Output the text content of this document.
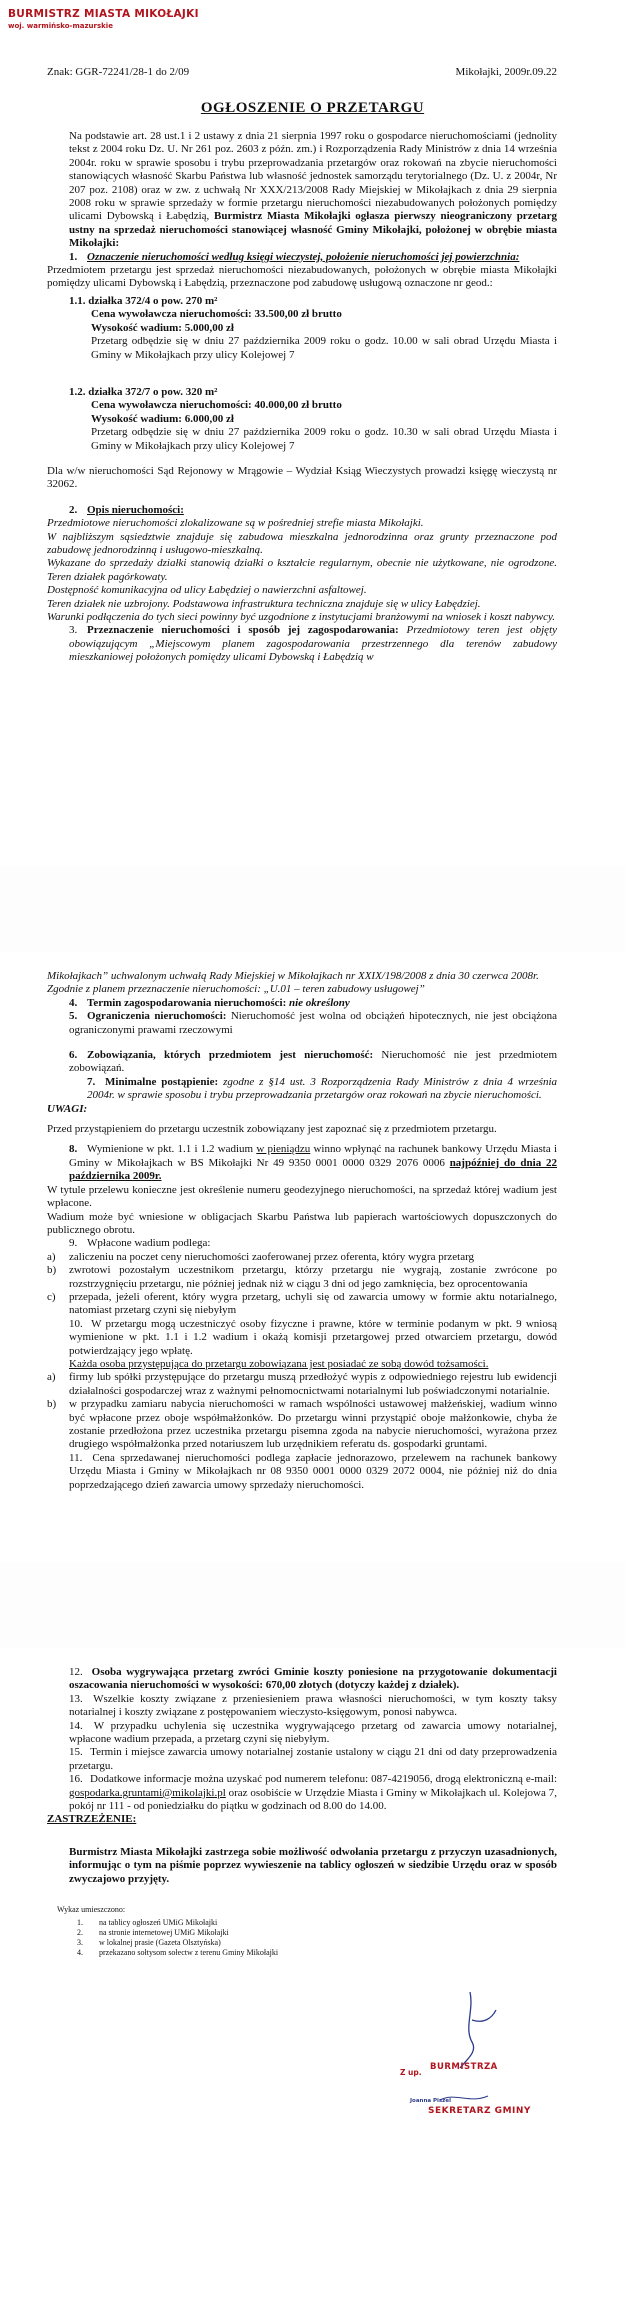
BURMISTRZ MIASTA MIKOŁAJKI
woj. warmińsko-mazurskie
Znak: GGR-72241/28-1 do 2/09	Mikołajki, 2009r.09.22
OGŁOSZENIE O PRZETARGU

Na podstawie art. 28 ust.1 i 2 ustawy z dnia 21 sierpnia 1997 roku o gospodarce nieruchomościami (jednolity tekst z 2004 roku Dz. U. Nr 261 poz. 2603 z późn. zm.) i Rozporządzenia Rady Ministrów z dnia 14 września 2004r. roku w sprawie sposobu i trybu przeprowadzania przetargów oraz rokowań na zbycie nieruchomości stanowiących własność Skarbu Państwa lub własność jednostek samorządu terytorialnego (Dz. U. z 2004r, Nr 207 poz. 2108) oraz w zw. z uchwałą Nr XXX/213/2008 Rady Miejskiej w Mikołajkach z dnia 29 sierpnia 2008 roku w sprawie sprzedaży w formie przetargu nieruchomości niezabudowanych położonych pomiędzy ulicami Dybowską i Łabędzią, Burmistrz Miasta Mikołajki ogłasza pierwszy nieograniczony przetarg ustny na sprzedaż nieruchomości stanowiącej własność Gminy Mikołajki, położonej w obrębie miasta Mikołajki:

1. Oznaczenie nieruchomości według księgi wieczystej, położenie nieruchomości jej powierzchnia:

Przedmiotem przetargu jest sprzedaż nieruchomości niezabudowanych, położonych w obrębie miasta Mikołajki pomiędzy ulicami Dybowską i Łabędzią, przeznaczone pod zabudowę usługową oznaczone nr geod.:

1.1. działka 372/4 o pow. 270 m²

Cena wywoławcza nieruchomości: 33.500,00 zł brutto

Wysokość wadium: 5.000,00 zł

Przetarg odbędzie się w dniu 27 października 2009 roku o godz. 10.00 w sali obrad Urzędu Miasta i Gminy w Mikołajkach przy ulicy Kolejowej 7

1.2. działka 372/7 o pow. 320 m²

Cena wywoławcza nieruchomości: 40.000,00 zł brutto

Wysokość wadium: 6.000,00 zł

Przetarg odbędzie się w dniu 27 października 2009 roku o godz. 10.30 w sali obrad Urzędu Miasta i Gminy w Mikołajkach przy ulicy Kolejowej 7

Dla w/w nieruchomości Sąd Rejonowy w Mrągowie – Wydział Ksiąg Wieczystych prowadzi księgę wieczystą nr 32062.

2. Opis nieruchomości:

Przedmiotowe nieruchomości zlokalizowane są w pośredniej strefie miasta Mikołajki.

W najbliższym sąsiedztwie znajduje się zabudowa mieszkalna jednorodzinna oraz grunty przeznaczone pod zabudowę jednorodzinną i usługowo-mieszkalną.

Wykazane do sprzedaży działki stanowią działki o kształcie regularnym, obecnie nie użytkowane, nie ogrodzone. Teren działek pagórkowaty.

Dostępność komunikacyjna od ulicy Łabędziej o nawierzchni asfaltowej.

Teren działek nie uzbrojony. Podstawowa infrastruktura techniczna znajduje się w ulicy Łabędziej.

Warunki podłączenia do tych sieci powinny być uzgodnione z instytucjami branżowymi na wniosek i koszt nabywcy.

3. Przeznaczenie nieruchomości i sposób jej zagospodarowania: Przedmiotowy teren jest objęty obowiązującym „Miejscowym planem zagospodarowania przestrzennego dla terenów zabudowy mieszkaniowej położonych pomiędzy ulicami Dybowską i Łabędzią w

Mikołajkach” uchwalonym uchwałą Rady Miejskiej w Mikołajkach nr XXIX/198/2008 z dnia 30 czerwca 2008r.

Zgodnie z planem przeznaczenie nieruchomości: „U.01 – teren zabudowy usługowej”

4. Termin zagospodarowania nieruchomości: nie określony

5. Ograniczenia nieruchomości: Nieruchomość jest wolna od obciążeń hipotecznych, nie jest obciążona ograniczonymi prawami rzeczowymi

6. Zobowiązania, których przedmiotem jest nieruchomość: Nieruchomość nie jest przedmiotem zobowiązań.

7. Minimalne postąpienie: zgodne z §14 ust. 3 Rozporządzenia Rady Ministrów z dnia 4 września 2004r. w sprawie sposobu i trybu przeprowadzania przetargów oraz rokowań na zbycie nieruchomości.

UWAGI:

Przed przystąpieniem do przetargu uczestnik zobowiązany jest zapoznać się z przedmiotem przetargu.

8. Wymienione w pkt. 1.1 i 1.2 wadium w pieniądzu winno wpłynąć na rachunek bankowy Urzędu Miasta i Gminy w Mikołajkach w BS Mikołajki Nr 49 9350 0001 0000 0329 2076 0006 najpóźniej do dnia 22 października 2009r.

W tytule przelewu konieczne jest określenie numeru geodezyjnego nieruchomości, na sprzedaż której wadium jest wpłacone.

Wadium może być wniesione w obligacjach Skarbu Państwa lub papierach wartościowych dopuszczonych do publicznego obrotu.

9. Wpłacone wadium podlega:

a)	zaliczeniu na poczet ceny nieruchomości zaoferowanej przez oferenta, który wygra przetarg
b)	zwrotowi pozostałym uczestnikom przetargu, którzy przetargu nie wygrają, zostanie zwrócone po rozstrzygnięciu przetargu, nie później jednak niż w ciągu 3 dni od jego zamknięcia, bez oprocentowania
c)	przepada, jeżeli oferent, który wygra przetarg, uchyli się od zawarcia umowy w formie aktu notarialnego, natomiast przetarg czyni się niebyłym

10. W przetargu mogą uczestniczyć osoby fizyczne i prawne, które w terminie podanym w pkt. 9 wniosą wymienione w pkt. 1.1 i 1.2 wadium i okażą komisji przetargowej przed otwarciem przetargu, dowód potwierdzający jego wpłatę.

Każda osoba przystępująca do przetargu zobowiązana jest posiadać ze sobą dowód tożsamości.

a)	firmy lub spółki przystępujące do przetargu muszą przedłożyć wypis z odpowiedniego rejestru lub ewidencji działalności gospodarczej wraz z ważnymi pełnomocnictwami notarialnymi lub poświadczonymi notarialnie.
b)	w przypadku zamiaru nabycia nieruchomości w ramach wspólności ustawowej małżeńskiej, wadium winno być wpłacone przez oboje współmałżonków. Do przetargu winni przystąpić oboje małżonkowie, chyba że zostanie przedłożona przez uczestnika przetargu pisemna zgoda na nabycie nieruchomości, wyrażona przez drugiego współmałżonka przed notariuszem lub urzędnikiem referatu ds. gospodarki gruntami.

11. Cena sprzedawanej nieruchomości podlega zapłacie jednorazowo, przelewem na rachunek bankowy Urzędu Miasta i Gminy w Mikołajkach nr 08 9350 0001 0000 0329 2072 0004, nie później niż do dnia poprzedzającego dzień zawarcia umowy sprzedaży nieruchomości.

12. Osoba wygrywająca przetarg zwróci Gminie koszty poniesione na przygotowanie dokumentacji oszacowania nieruchomości w wysokości: 670,00 złotych (dotyczy każdej z działek).

13. Wszelkie koszty związane z przeniesieniem prawa własności nieruchomości, w tym koszty taksy notarialnej i koszty związane z postępowaniem wieczysto-księgowym, ponosi nabywca.

14. W przypadku uchylenia się uczestnika wygrywającego przetarg od zawarcia umowy notarialnej, wpłacone wadium przepada, a przetarg czyni się niebyłym.

15. Termin i miejsce zawarcia umowy notarialnej zostanie ustalony w ciągu 21 dni od daty przeprowadzenia przetargu.

16. Dodatkowe informacje można uzyskać pod numerem telefonu: 087-4219056, drogą elektroniczną e-mail: gospodarka.gruntami@mikolajki.pl oraz osobiście w Urzędzie Miasta i Gminy w Mikołajkach ul. Kolejowa 7, pokój nr 111 - od poniedziałku do piątku w godzinach od 8.00 do 14.00.

ZASTRZEŻENIE:

Burmistrz Miasta Mikołajki zastrzega sobie możliwość odwołania przetargu z przyczyn uzasadnionych, informując o tym na piśmie poprzez wywieszenie na tablicy ogłoszeń w siedzibie Urzędu oraz w sposób zwyczajowo przyjęty.

Wykaz umieszczono:
1.	na tablicy ogłoszeń UMiG Mikołajki
2.	na stronie internetowej UMiG Mikołajki
3.	w lokalnej prasie (Gazeta Olsztyńska)
4.	przekazano sołtysom sołectw z terenu Gminy Mikołajki
Z up.
BURMISTRZA
Joanna Piszel
SEKRETARZ GMINY
